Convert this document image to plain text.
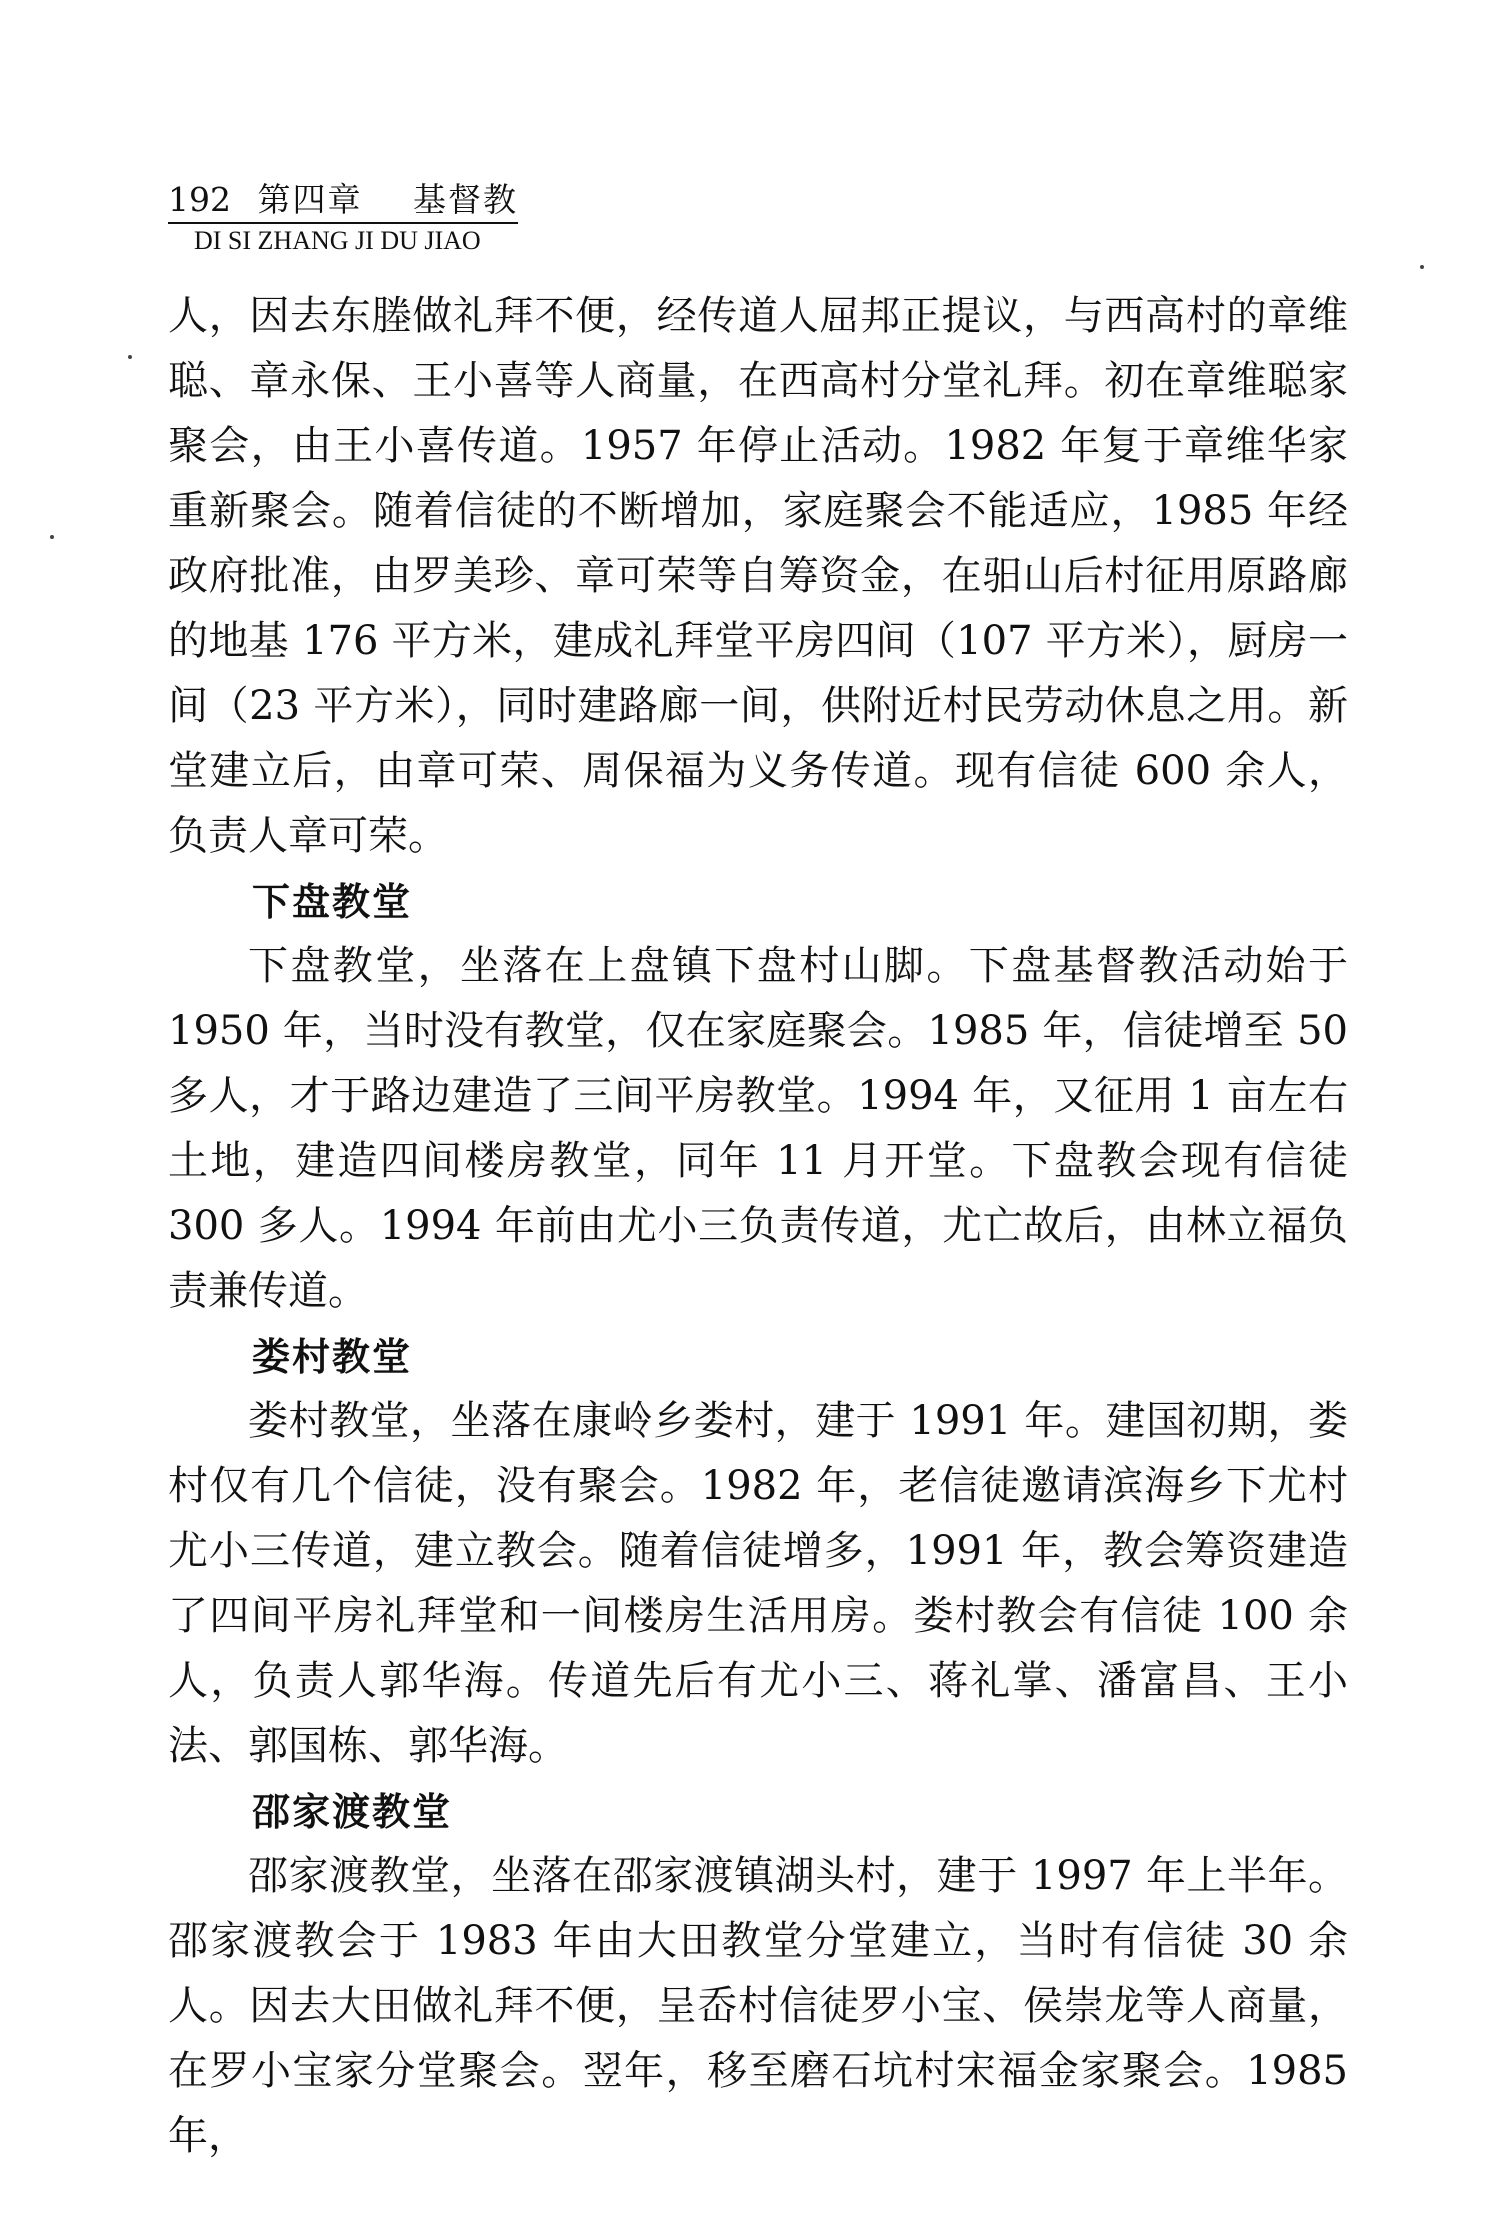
192 第四章 基督教
DI SI ZHANG JI DU JIAO

人，因去东塍做礼拜不便，经传道人屈邦正提议，与西高村的章维聪、章永保、王小喜等人商量，在西高村分堂礼拜。初在章维聪家聚会，由王小喜传道。1957 年停止活动。1982 年复于章维华家重新聚会。随着信徒的不断增加，家庭聚会不能适应，1985 年经政府批准，由罗美珍、章可荣等自筹资金，在驲山后村征用原路廊的地基 176 平方米，建成礼拜堂平房四间（107 平方米），厨房一间（23 平方米），同时建路廊一间，供附近村民劳动休息之用。新堂建立后，由章可荣、周保福为义务传道。现有信徒 600 余人，负责人章可荣。

下盘教堂

下盘教堂，坐落在上盘镇下盘村山脚。下盘基督教活动始于 1950 年，当时没有教堂，仅在家庭聚会。1985 年，信徒增至 50 多人，才于路边建造了三间平房教堂。1994 年，又征用 1 亩左右土地，建造四间楼房教堂，同年 11 月开堂。下盘教会现有信徒 300 多人。1994 年前由尤小三负责传道，尤亡故后，由林立福负责兼传道。

娄村教堂

娄村教堂，坐落在康岭乡娄村，建于 1991 年。建国初期，娄村仅有几个信徒，没有聚会。1982 年，老信徒邀请滨海乡下尤村尤小三传道，建立教会。随着信徒增多，1991 年，教会筹资建造了四间平房礼拜堂和一间楼房生活用房。娄村教会有信徒 100 余人，负责人郭华海。传道先后有尤小三、蒋礼掌、潘富昌、王小法、郭国栋、郭华海。

邵家渡教堂

邵家渡教堂，坐落在邵家渡镇湖头村，建于 1997 年上半年。邵家渡教会于 1983 年由大田教堂分堂建立，当时有信徒 30 余人。因去大田做礼拜不便，呈岙村信徒罗小宝、侯崇龙等人商量，在罗小宝家分堂聚会。翌年，移至磨石坑村宋福金家聚会。1985 年，
